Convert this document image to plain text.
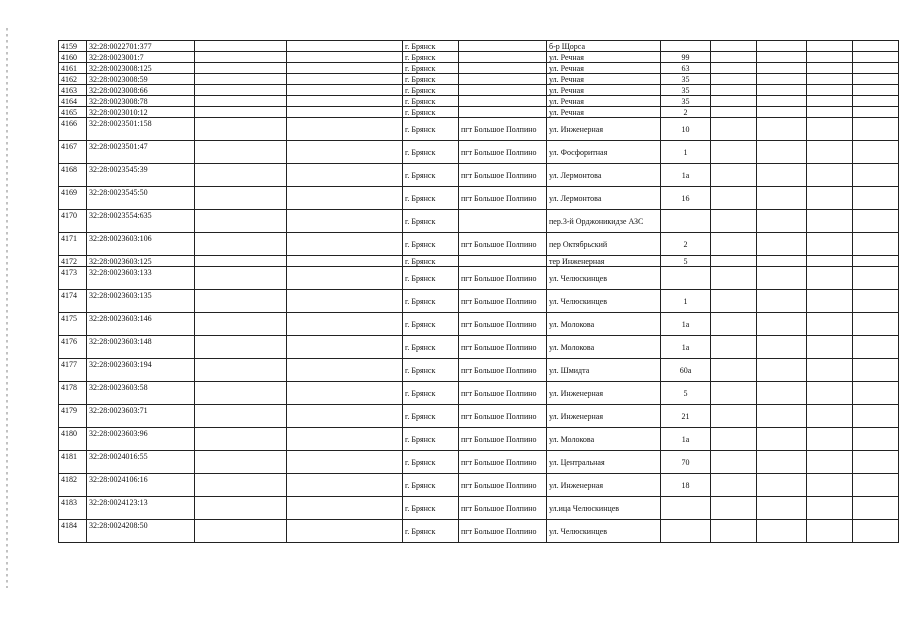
4159	32:28:0022701:377			г. Брянск		б-р Щорса					
4160	32:28:0023001:7			г. Брянск		ул. Речная	99				
4161	32:28:0023008:125			г. Брянск		ул. Речная	63				
4162	32:28:0023008:59			г. Брянск		ул. Речная	35				
4163	32:28:0023008:66			г. Брянск		ул. Речная	35				
4164	32:28:0023008:78			г. Брянск		ул. Речная	35				
4165	32:28:0023010:12			г. Брянск		ул. Речная	2				
4166	32:28:0023501:158			г. Брянск	пгт Большое Полпино	ул. Инженерная	10				
4167	32:28:0023501:47			г. Брянск	пгт Большое Полпино	ул. Фосфоритная	1				
4168	32:28:0023545:39			г. Брянск	пгт Большое Полпино	ул. Лермонтова	1а				
4169	32:28:0023545:50			г. Брянск	пгт Большое Полпино	ул. Лермонтова	16				
4170	32:28:0023554:635			г. Брянск		пер.3-й Орджоникидзе АЗС					
4171	32:28:0023603:106			г. Брянск	пгт Большое Полпино	пер Октябрьский	2				
4172	32:28:0023603:125			г. Брянск		тер Инженерная	5				
4173	32:28:0023603:133			г. Брянск	пгт Большое Полпино	ул. Челюскинцев					
4174	32:28:0023603:135			г. Брянск	пгт Большое Полпино	ул. Челюскинцев	1				
4175	32:28:0023603:146			г. Брянск	пгт Большое Полпино	ул. Молокова	1а				
4176	32:28:0023603:148			г. Брянск	пгт Большое Полпино	ул. Молокова	1а				
4177	32:28:0023603:194			г. Брянск	пгт Большое Полпино	ул. Шмидта	60а				
4178	32:28:0023603:58			г. Брянск	пгт Большое Полпино	ул. Инженерная	5				
4179	32:28:0023603:71			г. Брянск	пгт Большое Полпино	ул. Инженерная	21				
4180	32:28:0023603:96			г. Брянск	пгт Большое Полпино	ул. Молокова	1а				
4181	32:28:0024016:55			г. Брянск	пгт Большое Полпино	ул. Центральная	70				
4182	32:28:0024106:16			г. Брянск	пгт Большое Полпино	ул. Инженерная	18				
4183	32:28:0024123:13			г. Брянск	пгт Большое Полпино	ул.ица Челюскинцев					
4184	32:28:0024208:50			г. Брянск	пгт Большое Полпино	ул. Челюскинцев					
